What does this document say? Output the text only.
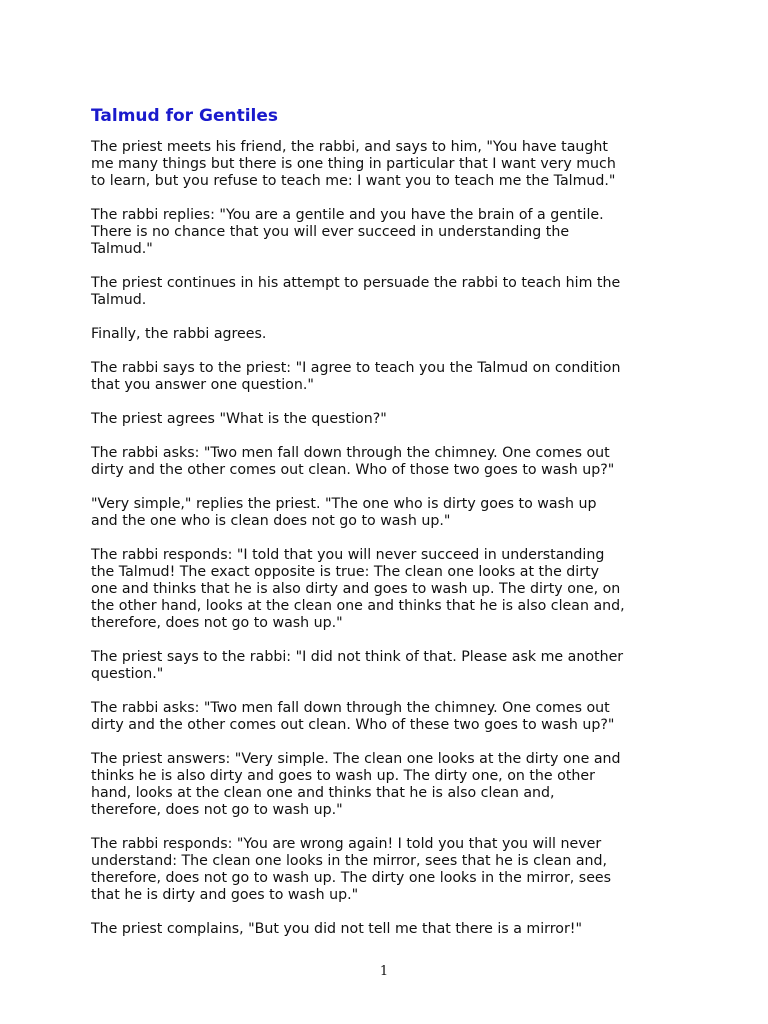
Talmud for Gentiles

The priest meets his friend, the rabbi, and says to him, "You have taught
me many things but there is one thing in particular that I want very much
to learn, but you refuse to teach me: I want you to teach me the Talmud."

The rabbi replies: "You are a gentile and you have the brain of a gentile.
There is no chance that you will ever succeed in understanding the
Talmud."

The priest continues in his attempt to persuade the rabbi to teach him the
Talmud.

Finally, the rabbi agrees.

The rabbi says to the priest: "I agree to teach you the Talmud on condition
that you answer one question."

The priest agrees "What is the question?"

The rabbi asks: "Two men fall down through the chimney. One comes out
dirty and the other comes out clean. Who of those two goes to wash up?"

"Very simple," replies the priest. "The one who is dirty goes to wash up
and the one who is clean does not go to wash up."

The rabbi responds: "I told that you will never succeed in understanding
the Talmud! The exact opposite is true: The clean one looks at the dirty
one and thinks that he is also dirty and goes to wash up. The dirty one, on
the other hand, looks at the clean one and thinks that he is also clean and,
therefore, does not go to wash up."

The priest says to the rabbi: "I did not think of that. Please ask me another
question."

The rabbi asks: "Two men fall down through the chimney. One comes out
dirty and the other comes out clean. Who of these two goes to wash up?"

The priest answers: "Very simple. The clean one looks at the dirty one and
thinks he is also dirty and goes to wash up. The dirty one, on the other
hand, looks at the clean one and thinks that he is also clean and,
therefore, does not go to wash up."

The rabbi responds: "You are wrong again! I told you that you will never
understand: The clean one looks in the mirror, sees that he is clean and,
therefore, does not go to wash up. The dirty one looks in the mirror, sees
that he is dirty and goes to wash up."

The priest complains, "But you did not tell me that there is a mirror!"

1
